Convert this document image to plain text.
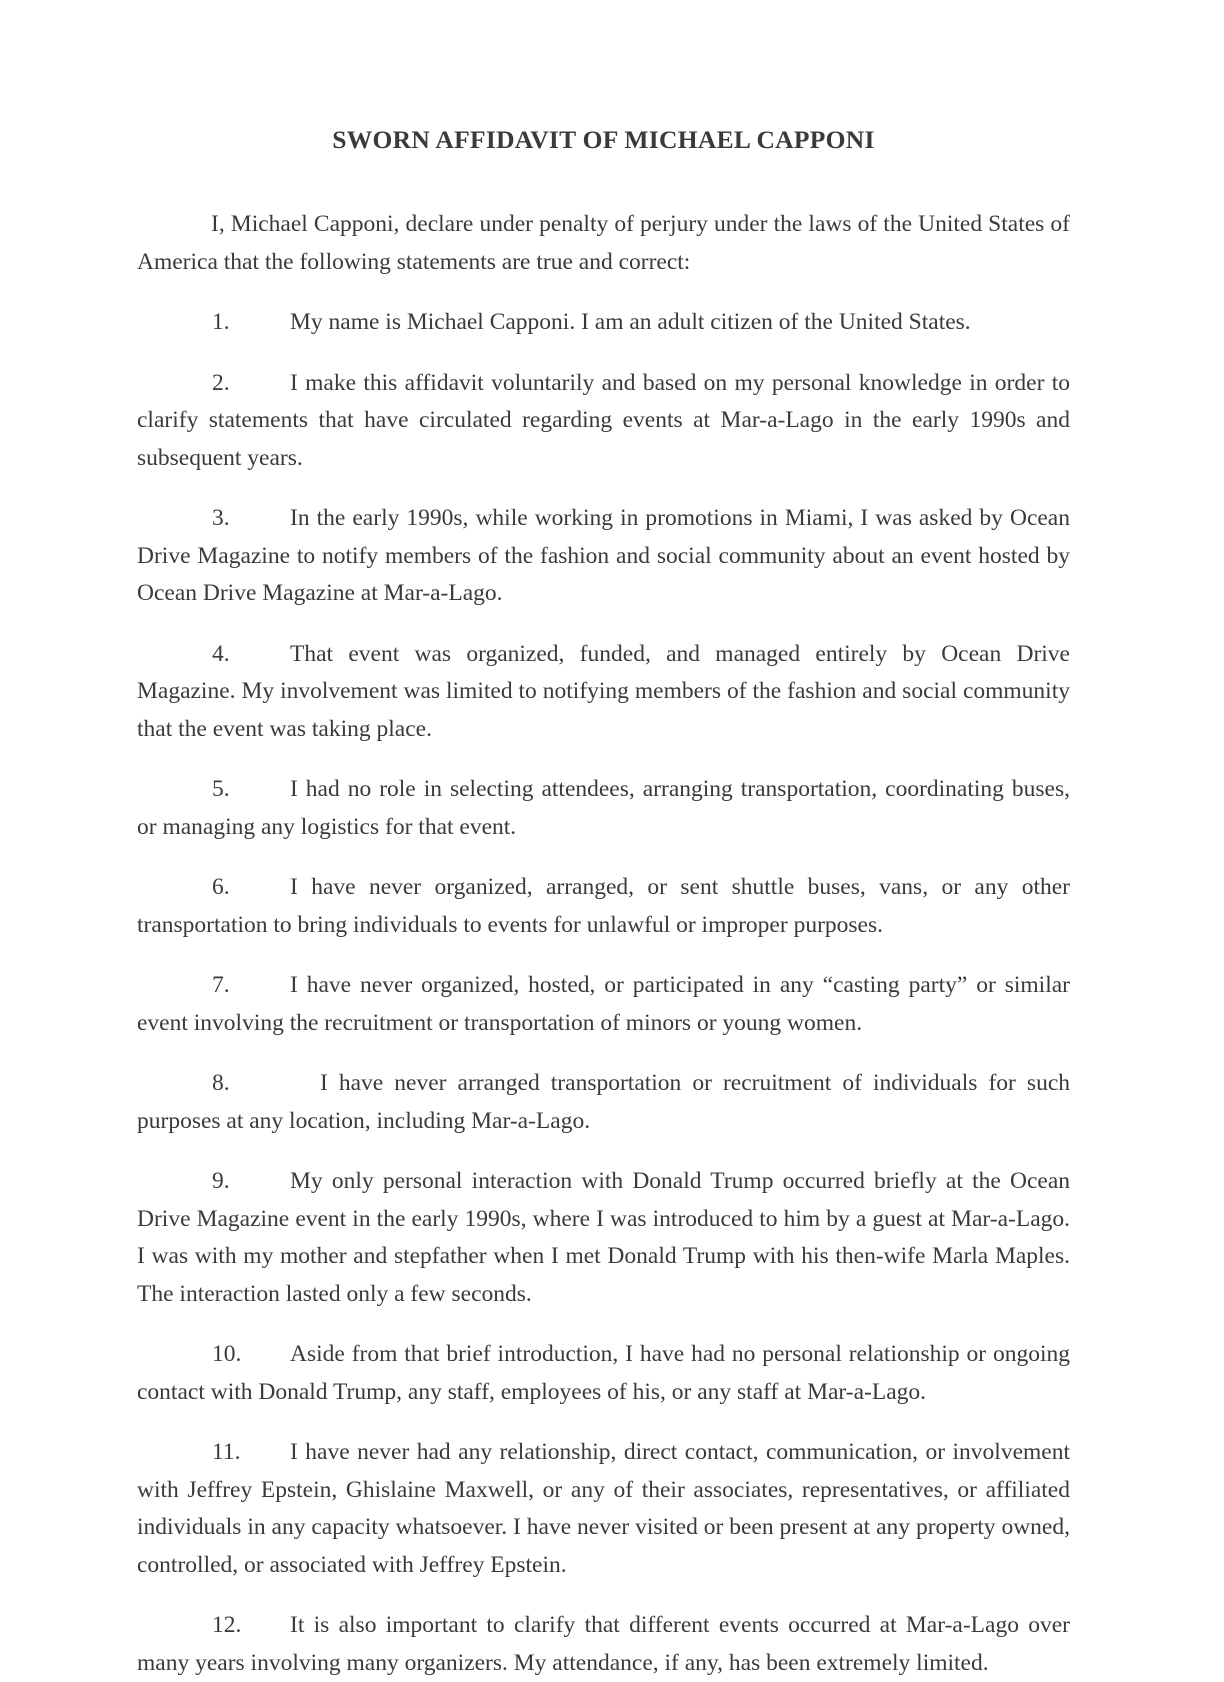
SWORN AFFIDAVIT OF MICHAEL CAPPONI

I, Michael Capponi, declare under penalty of perjury under the laws of the United States of America that the following statements are true and correct:

1.	My name is Michael Capponi. I am an adult citizen of the United States.

2.	I make this affidavit voluntarily and based on my personal knowledge in order to clarify statements that have circulated regarding events at Mar-a-Lago in the early 1990s and subsequent years.

3.	In the early 1990s, while working in promotions in Miami, I was asked by Ocean Drive Magazine to notify members of the fashion and social community about an event hosted by Ocean Drive Magazine at Mar-a-Lago.

4.	That event was organized, funded, and managed entirely by Ocean Drive Magazine. My involvement was limited to notifying members of the fashion and social community that the event was taking place.

5.	I had no role in selecting attendees, arranging transportation, coordinating buses, or managing any logistics for that event.

6.	I have never organized, arranged, or sent shuttle buses, vans, or any other transportation to bring individuals to events for unlawful or improper purposes.

7.	I have never organized, hosted, or participated in any “casting party” or similar event involving the recruitment or transportation of minors or young women.

8.	I have never arranged transportation or recruitment of individuals for such purposes at any location, including Mar-a-Lago.

9.	My only personal interaction with Donald Trump occurred briefly at the Ocean Drive Magazine event in the early 1990s, where I was introduced to him by a guest at Mar-a-Lago. I was with my mother and stepfather when I met Donald Trump with his then-wife Marla Maples. The interaction lasted only a few seconds.

10. Aside from that brief introduction, I have had no personal relationship or ongoing contact with Donald Trump, any staff, employees of his, or any staff at Mar-a-Lago.

11. I have never had any relationship, direct contact, communication, or involvement with Jeffrey Epstein, Ghislaine Maxwell, or any of their associates, representatives, or affiliated individuals in any capacity whatsoever. I have never visited or been present at any property owned, controlled, or associated with Jeffrey Epstein.

12. It is also important to clarify that different events occurred at Mar-a-Lago over many years involving many organizers. My attendance, if any, has been extremely limited.
